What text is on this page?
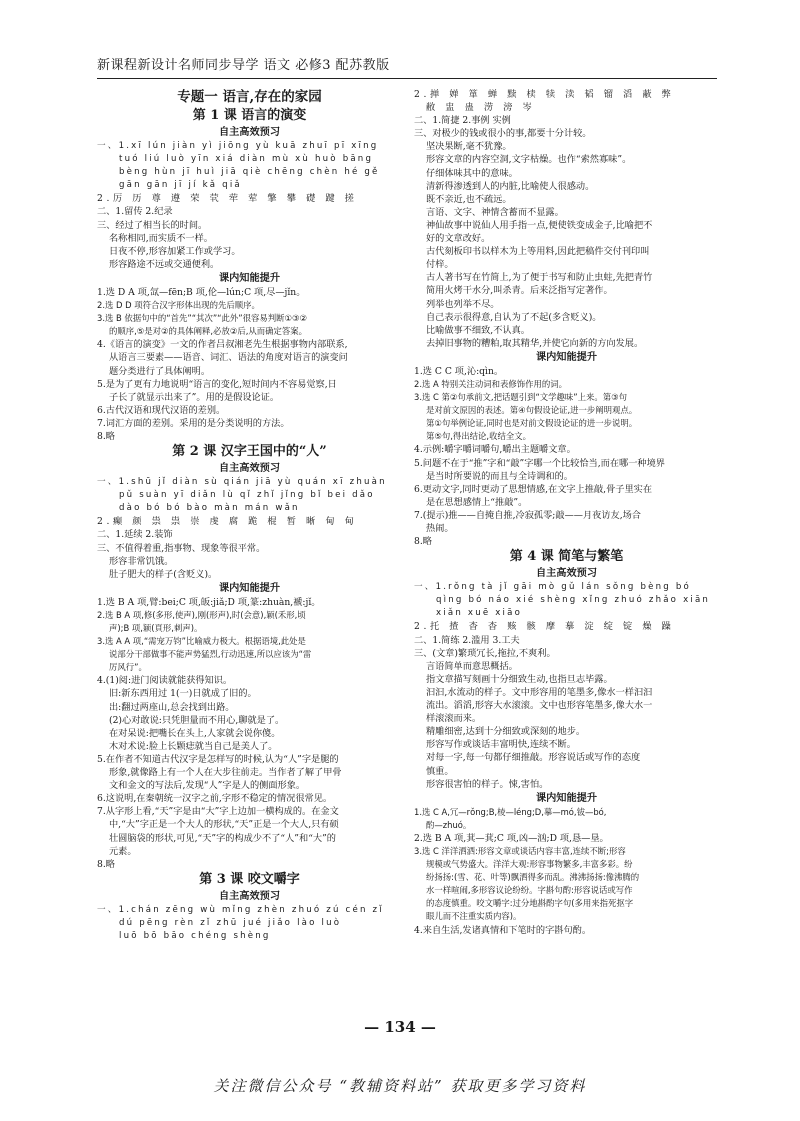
新课程新设计名师同步导学 语文 必修3 配苏教版

专题一 语言,存在的家园

第 1 课 语言的演变

自主高效预习

一、1.xī lún jiàn yì jiōng yù kuā zhuī pī xīng

tuó liú luò yīn xiá diàn mù xù huò bāng

bèng hùn jī huì jiā qiè chēng chèn hé gě

gān gān jī jí kǎ qiǎ

2.厉 历 尊 遵 荣 茕 荦 荤 擎 攀 礎 踺 搓

二、1.留传 2.纪录

三、经过了相当长的时间。

名称相同,而实质不一样。

日夜不停,形容加紧工作或学习。

形容路途不远或交通便利。

课内知能提升

1.选 D A 项,氙—fēn;B 项,伦—lún;C 项,尽—jǐn。

2.选 D D 项符合汉字形体出现的先后顺序。

3.选 B 依据句中的“首先”“其次”“此外”很容易判断①③②

的顺序,⑤是对②的具体阐释,必放②后,从而确定答案。

4.《语言的演变》一文的作者吕叔湘老先生根据事物内部联系,

从语言三要素——语音、词汇、语法的角度对语言的演变问

题分类进行了具体阐明。

5.是为了更有力地说明“语言的变化,短时间内不容易觉察,日

子长了就显示出来了”。用的是假设论证。

6.古代汉语和现代汉语的差别。

7.词汇方面的差别。采用的是分类说明的方法。

8.略

第 2 课 汉字王国中的“人”

自主高效预习

一、1.shū jǐ diàn sù qián jiā yù quán xī zhuàn

pǔ suàn yī diǎn lù qǐ zhǐ jǐng bǐ bei dǎo

dào bó bó bào màn mán wǎn

2.癫 颜 祟 祟 崇 虔 腐 跪 棍 暂 晰 甸 甸

二、1.延续 2.装饰

三、不值得着重,指事物、现象等很平常。

形容非常饥饿。

肚子肥大的样子(含贬义)。

课内知能提升

1.选 B A 项,臂:bei;C 项,皈:jiǎ;D 项,篆:zhuàn,褫:jǐ。

2.选 B A 项,修(多形,使声),刚(形声),时(会意),颖(禾形,顷

声);B 项,颖(頁形,刺声)。

3.选 A A 项,“需宠万钧”比喻威力极大。根据语境,此处是

说部分干部做事不能声势猛烈,行动迅速,所以应该为“雷

厉风行”。

4.(1)阅:进门阅读就能获得知识。

旧:新东西用过 1(一)日就成了旧的。

出:翻过两座山,总会找到出路。

(2)心对敢说:只凭胆量而不用心,聊就是了。

在对呆说:把嘴长在头上,人家就会说你傻。

木对术说:脸上长颗痣就当自己是美人了。

5.在作者不知道古代汉字是怎样写的时候,认为“人”字是腿的

形象,就像路上有一个人在大步往前走。当作者了解了甲骨

文和金文的写法后,发现“人”字是人的侧面形象。

6.这说明,在秦朝统一汉字之前,字形不稳定的情况很常见。

7.从字形上看,“天”字是由“大”字上边加一横构成的。在金文

中,“大”字正是一个大人的形状,“天”正是一个大人,只有硕

壮圆脑袋的形状,可见,“天”字的构成少不了“人”和“大”的

元素。

8.略

第 3 课 咬文嚼字

自主高效预习

一、1.chán zēng wù mǐng zhèn zhuó zú cén zǐ

dú pēng rèn zǐ zhū jué jiǎo lào luò

luō bō bāo chéng shèng

2.掸 婵 箪 蝉 黩 椟 犊 渎 韬 镏 滔 蔽 弊

敝 盅 蛊 涝 滂 岑

二、1.简捷 2.事例 实例

三、对极少的钱或很小的事,都要十分计较。

坚决果断,毫不犹豫。

形容文章的内容空洞,文字枯燥。也作“索然寡味”。

仔细体味其中的意味。

清新得渗透到人的内脏,比喻使人很感动。

既不亲近,也不疏远。

言语、文字、神情含蓄而不显露。

神仙故事中说仙人用手指一点,便使铁变成金子,比喻把不

好的文章改好。

古代刻板印书以样木为上等用料,因此把稿件交付刊印叫

付梓。

古人著书写在竹简上,为了便于书写和防止虫蛀,先把青竹

简用火烤干水分,叫杀青。后来泛指写定著作。

列举也列举不尽。

自己表示很得意,自认为了不起(多含贬义)。

比喻做事不细致,不认真。

去掉旧事物的糟粕,取其精华,并使它向新的方向发展。

课内知能提升

1.选 C C 项,沁:qìn。

2.选 A 特别关注动词和表修饰作用的词。

3.选 C 第②句承前文,把话题引到“文学趣味”上来。第③句

是对前文原因的表述。第④句假设论证,进一步阐明观点。

第①句举例论证,同时也是对前文假设论证的进一步说明。

第⑤句,得出结论,收结全文。

4.示例:嚼字嚼词嚼句,嚼出主题嚼文章。

5.问题不在于“推”字和“敲”字哪一个比较恰当,而在哪一种境界

是当时所要说的而且与全诗调和的。

6.更动文字,同时更动了思想情感,在文字上推敲,骨子里实在

是在思想感情上“推敲”。

7.(提示)推——自掩自推,冷寂孤零;敲——月夜访友,场合

热闹。

8.略

第 4 课 简笔与繁笔

自主高效预习

一、1.rǒng tà jǐ gāi mò gǔ lán sǒng bèng bó

qìng bó náo xié shèng xǐng zhuó zhǎo xiān

xiǎn xuē xiāo

2.托 揸 杳 杳 赅 骸 摩 摹 淀 绽 锭 燥 躁

二、1.简练 2.滥用 3.工夫

三、(文章)繁琐冗长,拖拉,不爽利。

言语简单而意思概括。

指文章描写刻画十分细致生动,也指旦志毕露。

汩汩,水流动的样子。文中形容用的笔墨多,像水一样汩汩

流出。滔滔,形容大水滚滚。文中也形容笔墨多,像大水一

样滚滚而来。

精雕细密,达到十分细致或深刻的地步。

形容写作或谈话丰富明快,连续不断。

对每一字,每一句都仔细推敲。形容说话或写作的态度

慎重。

形容很害怕的样子。悚,害怕。

课内知能提升

1.选 C A,冗—rǒng;B,棱—léng;D,摹—mó,钹—bó,

酌—zhuó。

2.选 B A 项,萁—萁;C 项,凶—汹;D 项,恳—垦。

3.选 C 洋洋洒洒:形容文章或谈话内容丰富,连续不断;形容

规模或气势盛大。洋洋大观:形容事物繁多,丰富多彩。纷

纷扬扬:(雪、花、叶等)飘洒得多而乱。沸沸扬扬:像沸腾的

水一样喧闹,多形容议论纷纷。字斟句酌:形容说话或写作

的态度慎重。咬文嚼字:过分地斟酌字句(多用来指死抠字

眼儿而不注重实质内容)。

4.来自生活,发诸真情和下笔时的字斟句酌。

— 134 —
关注微信公众号 “教辅资料站” 获取更多学习资料
